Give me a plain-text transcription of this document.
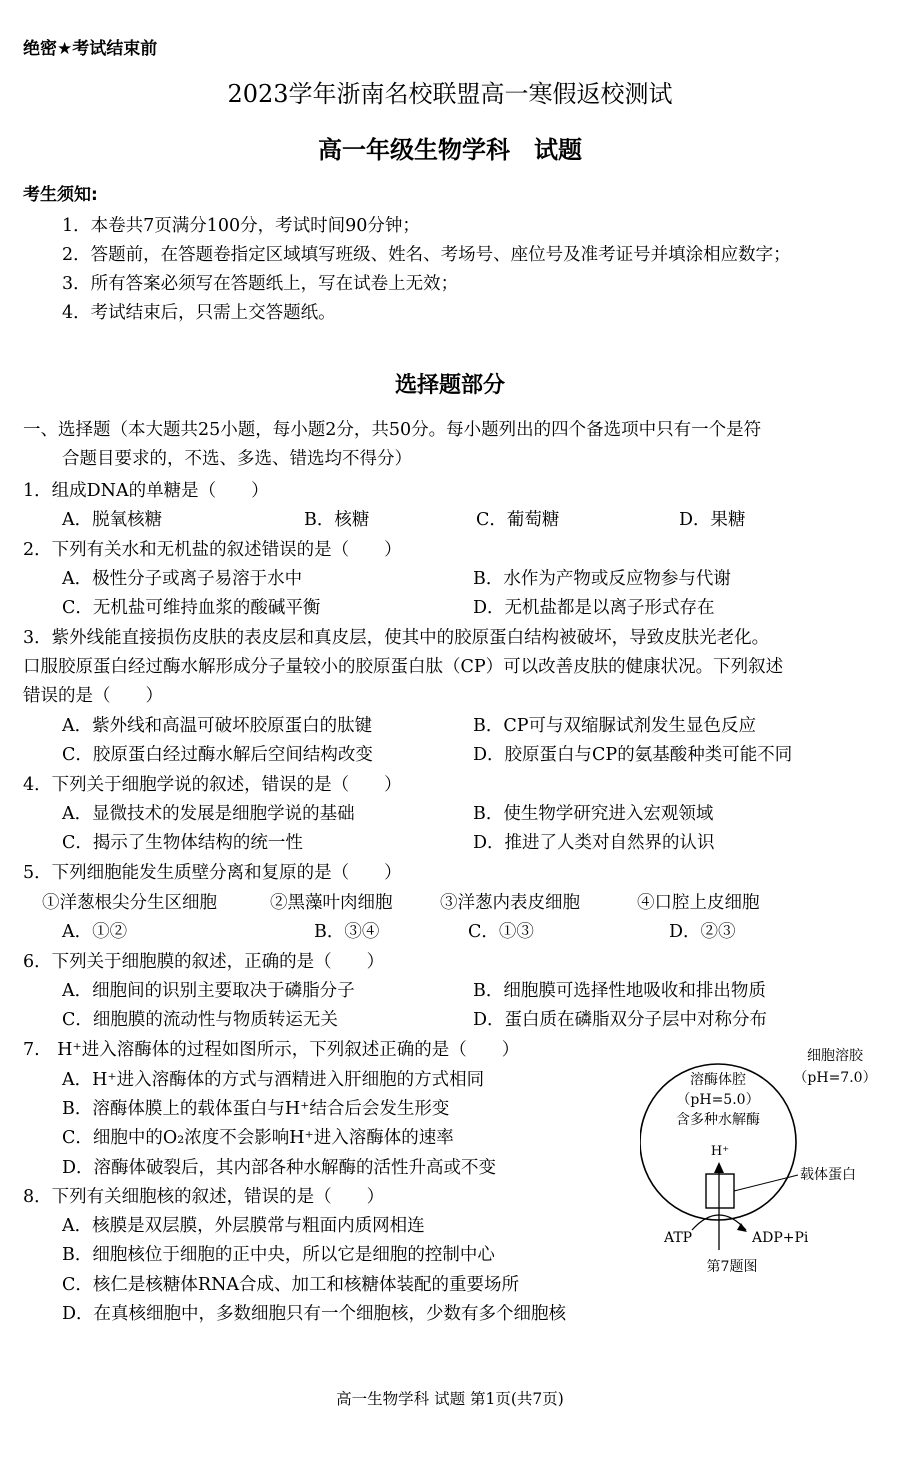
绝密★考试结束前
2023学年浙南名校联盟高一寒假返校测试
高一年级生物学科　试题
考生须知:
1．本卷共7页满分100分，考试时间90分钟；
2．答题前，在答题卷指定区域填写班级、姓名、考场号、座位号及准考证号并填涂相应数字；
3．所有答案必须写在答题纸上，写在试卷上无效；
4．考试结束后，只需上交答题纸。
选择题部分
一、选择题（本大题共25小题，每小题2分，共50分。每小题列出的四个备选项中只有一个是符
合题目要求的，不选、多选、错选均不得分）
1．组成DNA的单糖是（　　）
A．脱氧核糖	B．核糖	C．葡萄糖	D．果糖
2．下列有关水和无机盐的叙述错误的是（　　）
A．极性分子或离子易溶于水中	B．水作为产物或反应物参与代谢
C．无机盐可维持血浆的酸碱平衡	D．无机盐都是以离子形式存在
3．紫外线能直接损伤皮肤的表皮层和真皮层，使其中的胶原蛋白结构被破坏，导致皮肤光老化。
口服胶原蛋白经过酶水解形成分子量较小的胶原蛋白肽（CP）可以改善皮肤的健康状况。下列叙述
错误的是（　　）
A．紫外线和高温可破坏胶原蛋白的肽键	B．CP可与双缩脲试剂发生显色反应
C．胶原蛋白经过酶水解后空间结构改变	D．胶原蛋白与CP的氨基酸种类可能不同
4．下列关于细胞学说的叙述，错误的是（　　）
A．显微技术的发展是细胞学说的基础	B．使生物学研究进入宏观领域
C．揭示了生物体结构的统一性	D．推进了人类对自然界的认识
5．下列细胞能发生质壁分离和复原的是（　　）
①洋葱根尖分生区细胞	②黑藻叶肉细胞	③洋葱内表皮细胞	④口腔上皮细胞
A．①②	B．③④	C．①③	D．②③
6．下列关于细胞膜的叙述，正确的是（　　）
A．细胞间的识别主要取决于磷脂分子	B．细胞膜可选择性地吸收和排出物质
C．细胞膜的流动性与物质转运无关	D．蛋白质在磷脂双分子层中对称分布
7.　H⁺进入溶酶体的过程如图所示，下列叙述正确的是（　　）
A．H⁺进入溶酶体的方式与酒精进入肝细胞的方式相同
B．溶酶体膜上的载体蛋白与H⁺结合后会发生形变
C．细胞中的O₂浓度不会影响H⁺进入溶酶体的速率
D．溶酶体破裂后，其内部各种水解酶的活性升高或不变
8．下列有关细胞核的叙述，错误的是（　　）
A．核膜是双层膜，外层膜常与粗面内质网相连
B．细胞核位于细胞的正中央，所以它是细胞的控制中心
C．核仁是核糖体RNA合成、加工和核糖体装配的重要场所
D．在真核细胞中，多数细胞只有一个细胞核，少数有多个细胞核
细胞溶胶
（pH=7.0）
溶酶体腔
（pH=5.0）
含多种水解酶
H⁺
载体蛋白
ATP	ADP+Pi
第7题图
高一生物学科 试题 第1页(共7页)
